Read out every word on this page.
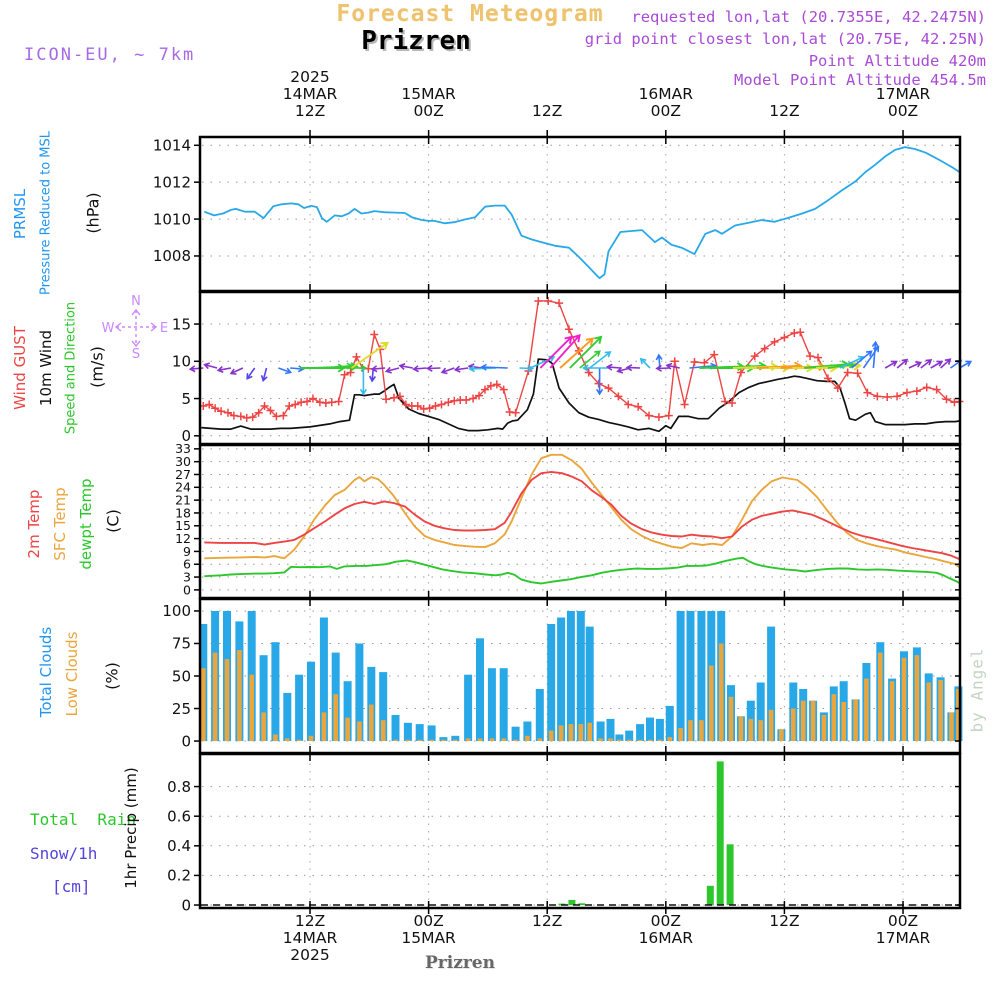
Forecast Meteogram
Prizren
ICON-EU, ~ 7km
requested lon,lat (20.7355E, 42.2475N)
grid point closest lon,lat (20.75E, 42.25N)
Point Altitude 420m
Model Point Altitude 454.5m
1008
1010
1012
1014
0
5
10
15
0
3
6
9
12
15
18
21
24
27
30
33
0
25
50
75
100
0
0.2
0.4
0.6
0.8
2025
14MAR
12Z
12Z
14MAR
2025
15MAR
00Z
00Z
15MAR
12Z
12Z
16MAR
00Z
00Z
16MAR
12Z
12Z
17MAR
00Z
00Z
17MAR
PRMSL Pressure Reduced to MSL (hPa)
Wind GUST 10m Wind Speed and Direction (m/s)
N
W	E
S
2m Temp SFC Temp dewpt Temp (C)
Total Clouds Low Clouds (%)
Total  Rain
Snow/1h
[cm] 1hr Precip (mm)
Prizren
by Angel
